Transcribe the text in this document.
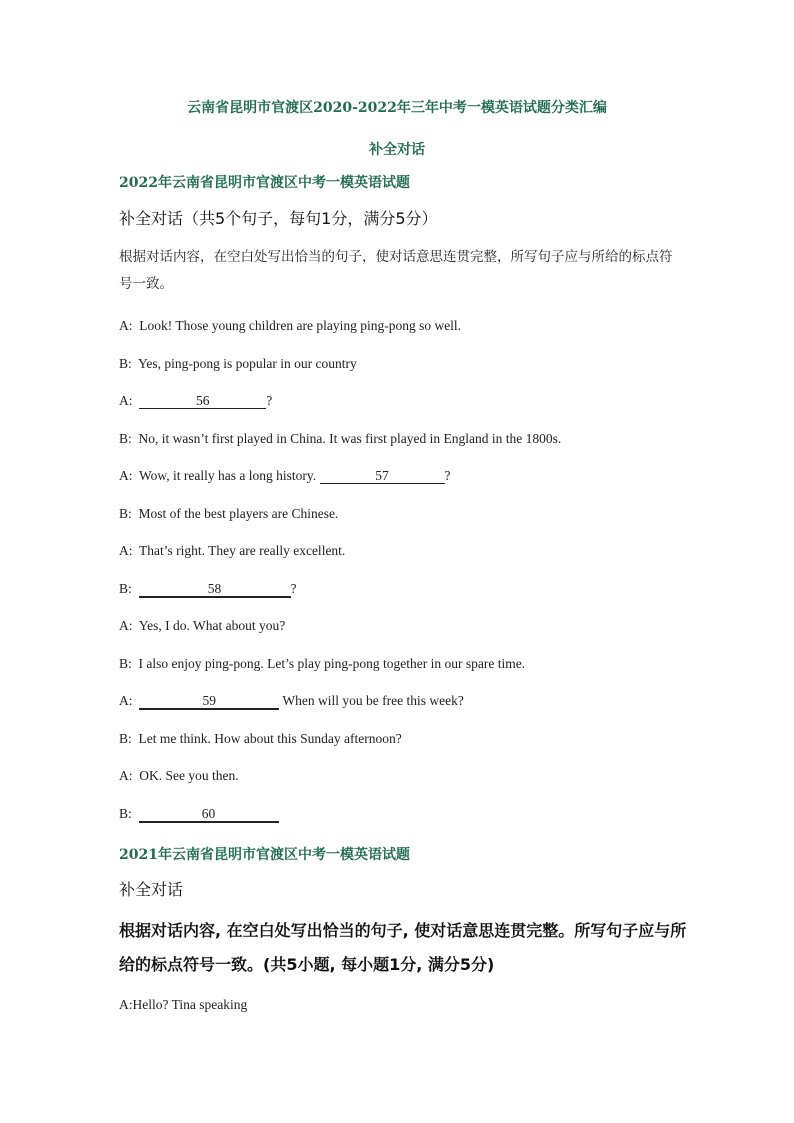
云南省昆明市官渡区2020-2022年三年中考一模英语试题分类汇编

补全对话

2022年云南省昆明市官渡区中考一模英语试题

补全对话（共5个句子，每句1分，满分5分）

根据对话内容，在空白处写出恰当的句子，使对话意思连贯完整，所写句子应与所给的标点符号一致。

A: Look! Those young children are playing ping-pong so well.

B: Yes, ping-pong is popular in our country

A:	56	?

B: No, it wasn’t first played in China. It was first played in England in the 1800s.

A: Wow, it really has a long history.	57	?

B: Most of the best players are Chinese.

A: That’s right. They are really excellent.

B:	58	?

A: Yes, I do. What about you?

B: I also enjoy ping-pong. Let’s play ping-pong together in our spare time.

A:	59	When will you be free this week?

B: Let me think. How about this Sunday afternoon?

A: OK. See you then.

B:	60

2021年云南省昆明市官渡区中考一模英语试题

补全对话

根据对话内容, 在空白处写出恰当的句子, 使对话意思连贯完整。所写句子应与所给的标点符号一致。(共5小题, 每小题1分, 满分5分)

A:Hello? Tina speaking
